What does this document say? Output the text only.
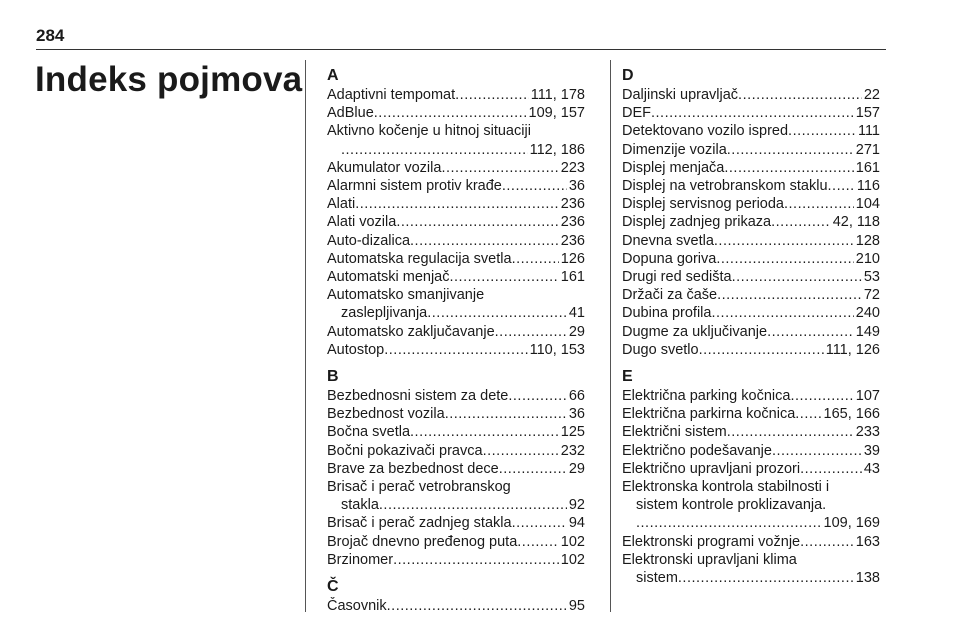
284
Indeks pojmova A
Adaptivni tempomat .....	111, 178
AdBlue .....	109, 157
Aktivno kočenje u hitnoj situaciji
.....
112, 186
Akumulator vozila .....	223
Alarmni sistem protiv krađe .....	36
Alati .....	236
Alati vozila .....	236
Auto-dizalica .....	236
Automatska regulacija svetla .....	126
Automatski menjač .....	161
Automatsko smanjivanje
zaslepljivanja .....	41
Automatsko zaključavanje .....	29
Autostop .....	110, 153
B
Bezbednosni sistem za dete .....	66
Bezbednost vozila .....	36
Bočna svetla .....	125
Bočni pokazivači pravca .....	232
Brave za bezbednost dece .....	29
Brisač i perač vetrobranskog
stakla .....	92
Brisač i perač zadnjeg stakla .....	94
Brojač dnevno pređenog puta .....	102
Brzinomer .....	102
Č
Časovnik .....	95
D
Daljinski upravljač .....	22
DEF .....	157
Detektovano vozilo ispred .....	111
Dimenzije vozila .....	271
Displej menjača .....	161
Displej na vetrobranskom staklu ..... 116
Displej servisnog perioda .....	104
Displej zadnjeg prikaza .....	42, 118
Dnevna svetla .....	128
Dopuna goriva .....	210
Drugi red sedišta .....	53
Držači za čaše .....	72
Dubina profila .....	240
Dugme za uključivanje .....	149
Dugo svetlo .....	111, 126
E
Električna parking kočnica .....	107
Električna parkirna kočnica ..... 165, 166
Električni sistem .....	233
Električno podešavanje .....	39
Električno upravljani prozori .....	43
Elektronska kontrola stabilnosti i
sistem kontrole proklizavanja.
.....
109, 169
Elektronski programi vožnje .....	163
Elektronski upravljani klima
sistem .....	138
